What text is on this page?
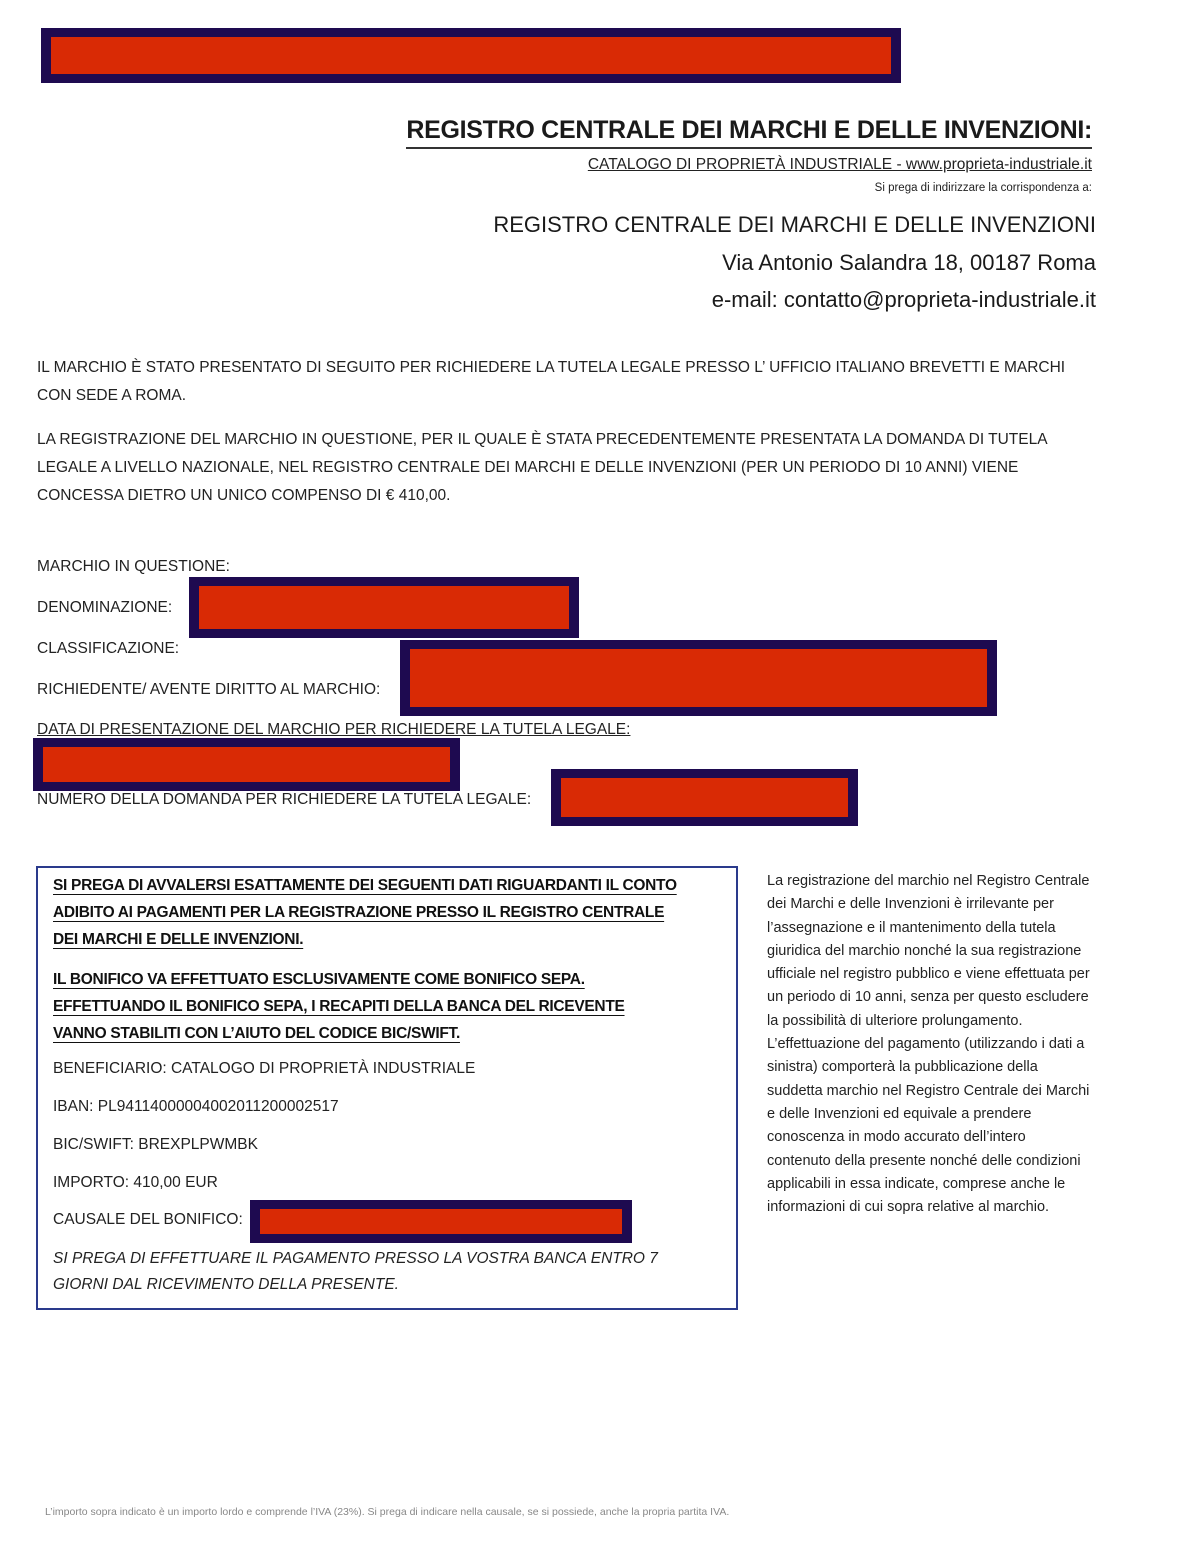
REGISTRO CENTRALE DEI MARCHI E DELLE INVENZIONI:
CATALOGO DI PROPRIETÀ INDUSTRIALE - www.proprieta-industriale.it
Si prega di indirizzare la corrispondenza a:
REGISTRO CENTRALE DEI MARCHI E DELLE INVENZIONI
Via Antonio Salandra 18, 00187 Roma
e-mail: contatto@proprieta-industriale.it
IL MARCHIO È STATO PRESENTATO DI SEGUITO PER RICHIEDERE LA TUTELA LEGALE PRESSO L’ UFFICIO ITALIANO BREVETTI E MARCHI CON SEDE A ROMA.
LA REGISTRAZIONE DEL MARCHIO IN QUESTIONE, PER IL QUALE È STATA PRECEDENTEMENTE PRESENTATA LA DOMANDA DI TUTELA LEGALE A LIVELLO NAZIONALE, NEL REGISTRO CENTRALE DEI MARCHI E DELLE INVENZIONI (PER UN PERIODO DI 10 ANNI) VIENE CONCESSA DIETRO UN UNICO COMPENSO DI € 410,00.
MARCHIO IN QUESTIONE:
DENOMINAZIONE:
CLASSIFICAZIONE:
RICHIEDENTE/ AVENTE DIRITTO AL MARCHIO:
DATA DI PRESENTAZIONE DEL MARCHIO PER RICHIEDERE LA TUTELA LEGALE:
NUMERO DELLA DOMANDA PER RICHIEDERE LA TUTELA LEGALE:
SI PREGA DI AVVALERSI ESATTAMENTE DEI SEGUENTI DATI RIGUARDANTI IL CONTO ADIBITO AI PAGAMENTI PER LA REGISTRAZIONE PRESSO IL REGISTRO CENTRALE DEI MARCHI E DELLE INVENZIONI.
IL BONIFICO VA EFFETTUATO ESCLUSIVAMENTE COME BONIFICO SEPA. EFFETTUANDO IL BONIFICO SEPA, I RECAPITI DELLA BANCA DEL RICEVENTE VANNO STABILITI CON L’AIUTO DEL CODICE BIC/SWIFT.
BENEFICIARIO: CATALOGO DI PROPRIETÀ INDUSTRIALE
IBAN: PL94114000004002011200002517
BIC/SWIFT: BREXPLPWMBK
IMPORTO: 410,00 EUR
CAUSALE DEL BONIFICO:
SI PREGA DI EFFETTUARE IL PAGAMENTO PRESSO LA VOSTRA BANCA ENTRO 7 GIORNI DAL RICEVIMENTO DELLA PRESENTE.
La registrazione del marchio nel Registro Centrale dei Marchi e delle Invenzioni è irrilevante per l’assegnazione e il mantenimento della tutela giuridica del marchio nonché la sua registrazione ufficiale nel registro pubblico e viene effettuata per un periodo di 10 anni, senza per questo escludere la possibilità di ulteriore prolungamento. L’effettuazione del pagamento (utilizzando i dati a sinistra) comporterà la pubblicazione della suddetta marchio nel Registro Centrale dei Marchi e delle Invenzioni ed equivale a prendere conoscenza in modo accurato dell’intero contenuto della presente nonché delle condizioni applicabili in essa indicate, comprese anche le informazioni di cui sopra relative al marchio.
L’importo sopra indicato è un importo lordo e comprende l’IVA (23%). Si prega di indicare nella causale, se si possiede, anche la propria partita IVA.
